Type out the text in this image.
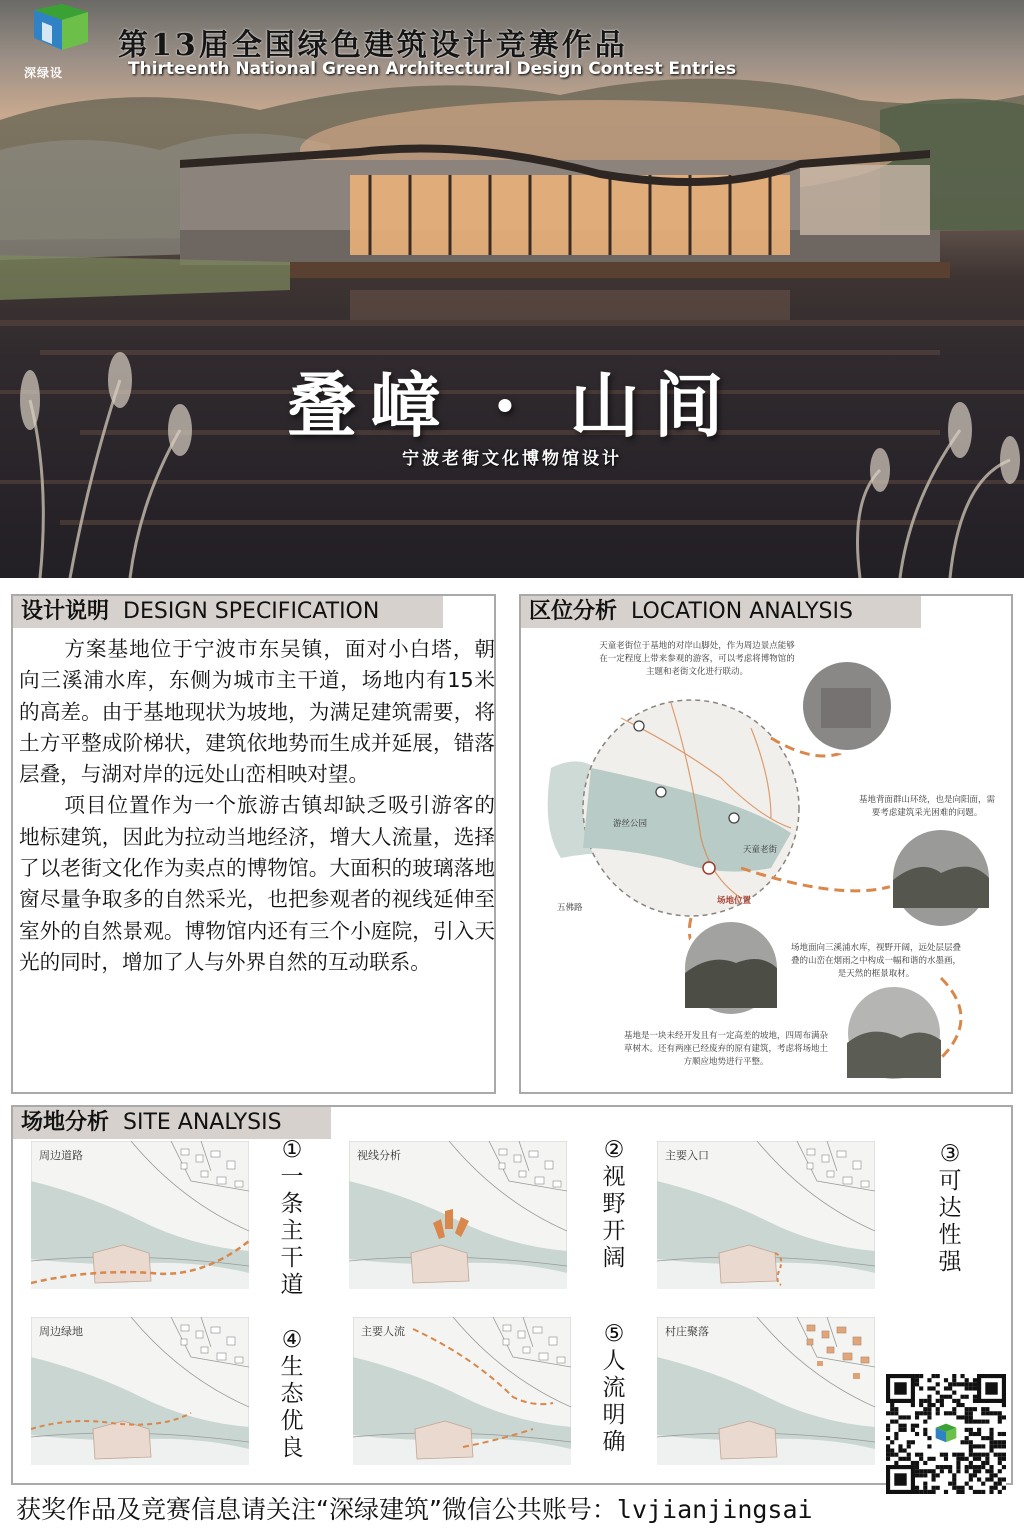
深绿设
第13届全国绿色建筑设计竞赛作品
Thirteenth National Green Architectural Design Contest Entries
叠嶂 · 山间
宁波老街文化博物馆设计
设计说明 DESIGN SPECIFICATION

方案基地位于宁波市东吴镇，面对小白塔，朝向三溪浦水库，东侧为城市主干道，场地内有15米的高差。由于基地现状为坡地，为满足建筑需要，将土方平整成阶梯状，建筑依地势而生成并延展，错落层叠，与湖对岸的远处山峦相映对望。

项目位置作为一个旅游古镇却缺乏吸引游客的地标建筑，因此为拉动当地经济，增大人流量，选择了以老街文化作为卖点的博物馆。大面积的玻璃落地窗尽量争取多的自然采光，也把参观者的视线延伸至室外的自然景观。博物馆内还有三个小庭院，引入天光的同时，增加了人与外界自然的互动联系。

区位分析 LOCATION ANALYSIS
五佛路
游丝公园
天童老街
场地位置
天童老街位于基地的对岸山脚处，作为周边景点能够在一定程度上带来参观的游客，可以考虑将博物馆的主题和老街文化进行联动。
基地背面群山环绕，也是向阳面，需要考虑建筑采光困难的问题。
场地面向三溪浦水库，视野开阔，远处层层叠叠的山峦在烟雨之中构成一幅和谐的水墨画，是天然的框景取材。
基地是一块未经开发且有一定高差的坡地，四周布满杂草树木。还有两座已经废弃的原有建筑，考虑将场地土方顺应地势进行平整。
场地分析 SITE ANALYSIS
周边道路	①一条主干道
视线分析	②视野开阔
主要入口	③可达性强
周边绿地	④生态优良
主要人流	⑤人流明确
村庄聚落
获奖作品及竞赛信息请关注“深绿建筑”微信公共账号：lvjianjingsai
